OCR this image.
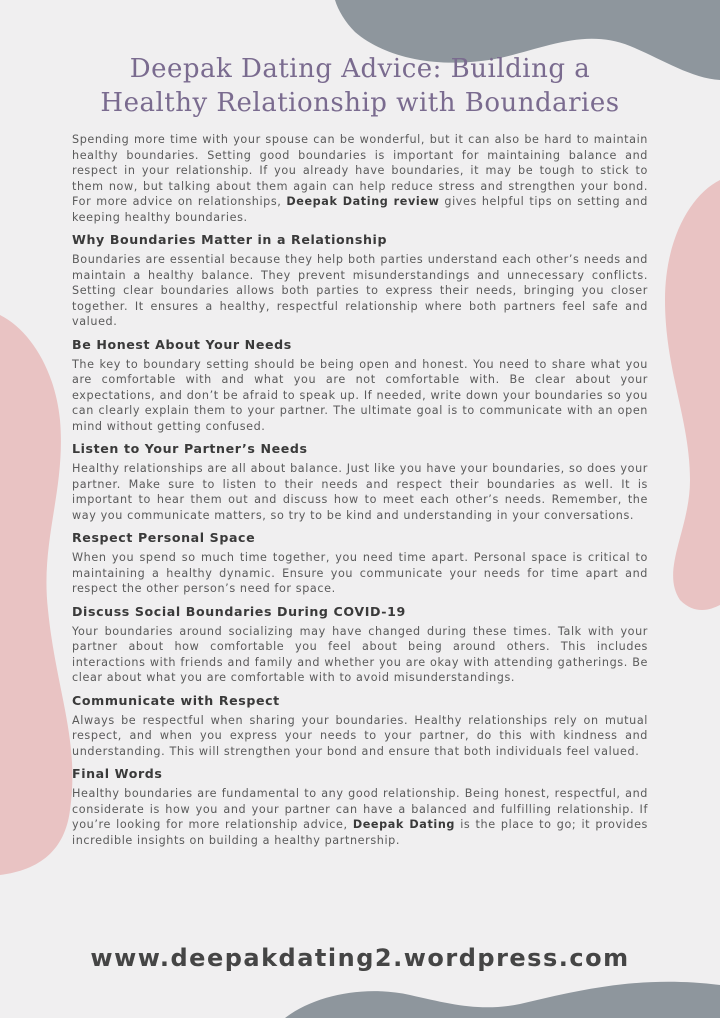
Deepak Dating Advice: Building a Healthy Relationship with Boundaries

Spending more time with your spouse can be wonderful, but it can also be hard to maintain healthy boundaries. Setting good boundaries is important for maintaining balance and respect in your relationship. If you already have boundaries, it may be tough to stick to them now, but talking about them again can help reduce stress and strengthen your bond. For more advice on relationships, Deepak Dating review gives helpful tips on setting and keeping healthy boundaries.

Why Boundaries Matter in a Relationship

Boundaries are essential because they help both parties understand each other’s needs and maintain a healthy balance. They prevent misunderstandings and unnecessary conflicts. Setting clear boundaries allows both parties to express their needs, bringing you closer together. It ensures a healthy, respectful relationship where both partners feel safe and valued.

Be Honest About Your Needs

The key to boundary setting should be being open and honest. You need to share what you are comfortable with and what you are not comfortable with. Be clear about your expectations, and don’t be afraid to speak up. If needed, write down your boundaries so you can clearly explain them to your partner. The ultimate goal is to communicate with an open mind without getting confused.

Listen to Your Partner’s Needs

Healthy relationships are all about balance. Just like you have your boundaries, so does your partner. Make sure to listen to their needs and respect their boundaries as well. It is important to hear them out and discuss how to meet each other’s needs. Remember, the way you communicate matters, so try to be kind and understanding in your conversations.

Respect Personal Space

When you spend so much time together, you need time apart. Personal space is critical to maintaining a healthy dynamic. Ensure you communicate your needs for time apart and respect the other person’s need for space.

Discuss Social Boundaries During COVID-19

Your boundaries around socializing may have changed during these times. Talk with your partner about how comfortable you feel about being around others. This includes interactions with friends and family and whether you are okay with attending gatherings. Be clear about what you are comfortable with to avoid misunderstandings.

Communicate with Respect

Always be respectful when sharing your boundaries. Healthy relationships rely on mutual respect, and when you express your needs to your partner, do this with kindness and understanding. This will strengthen your bond and ensure that both individuals feel valued.

Final Words

Healthy boundaries are fundamental to any good relationship. Being honest, respectful, and considerate is how you and your partner can have a balanced and fulfilling relationship. If you’re looking for more relationship advice, Deepak Dating is the place to go; it provides incredible insights on building a healthy partnership.

www.deepakdating2.wordpress.com
